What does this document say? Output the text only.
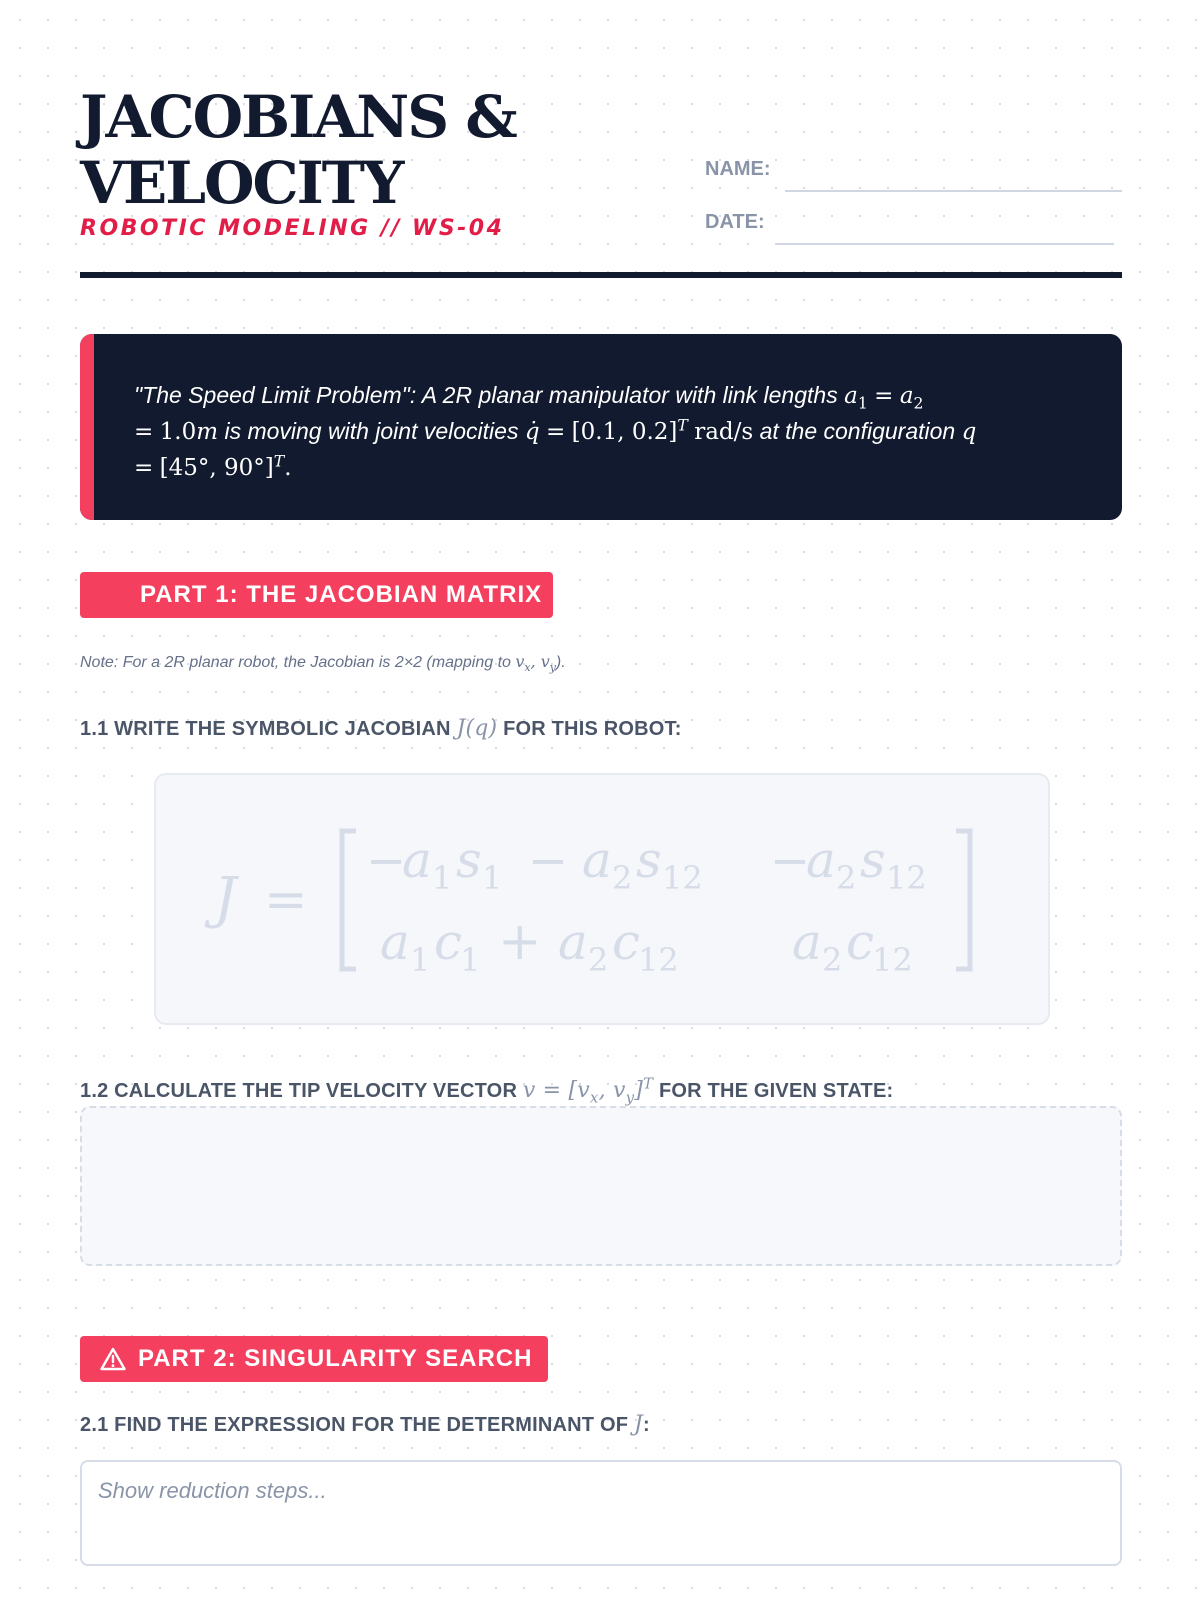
JACOBIANS &
VELOCITY
ROBOTIC MODELING // WS-04
NAME:
DATE:
"The Speed Limit Problem": A 2R planar manipulator with link lengths $a_1 = a_2$
= 1.0m is moving with joint velocities q̇ = [0.1, 0.2]$^T$ rad/s at the configuration q
= [45°, 90°]$^T$.
PART 1: THE JACOBIAN MATRIX
Note: For a 2R planar robot, the Jacobian is 2×2 (mapping to $v_x$, $v_y$).
1.1 WRITE THE SYMBOLIC JACOBIAN J(q) FOR THIS ROBOT:
J =
−
a 1 s 1 − a 2 s 12 −
a 2 s 12
a 1 c
1 + a 2 c
12 a 2 c
12
1.2 CALCULATE THE TIP VELOCITY VECTOR $v = [v_x$, $v_y]^T$ FOR THE GIVEN STATE:
PART 2: SINGULARITY SEARCH
2.1 FIND THE EXPRESSION FOR THE DETERMINANT OF J:
Show reduction steps...
